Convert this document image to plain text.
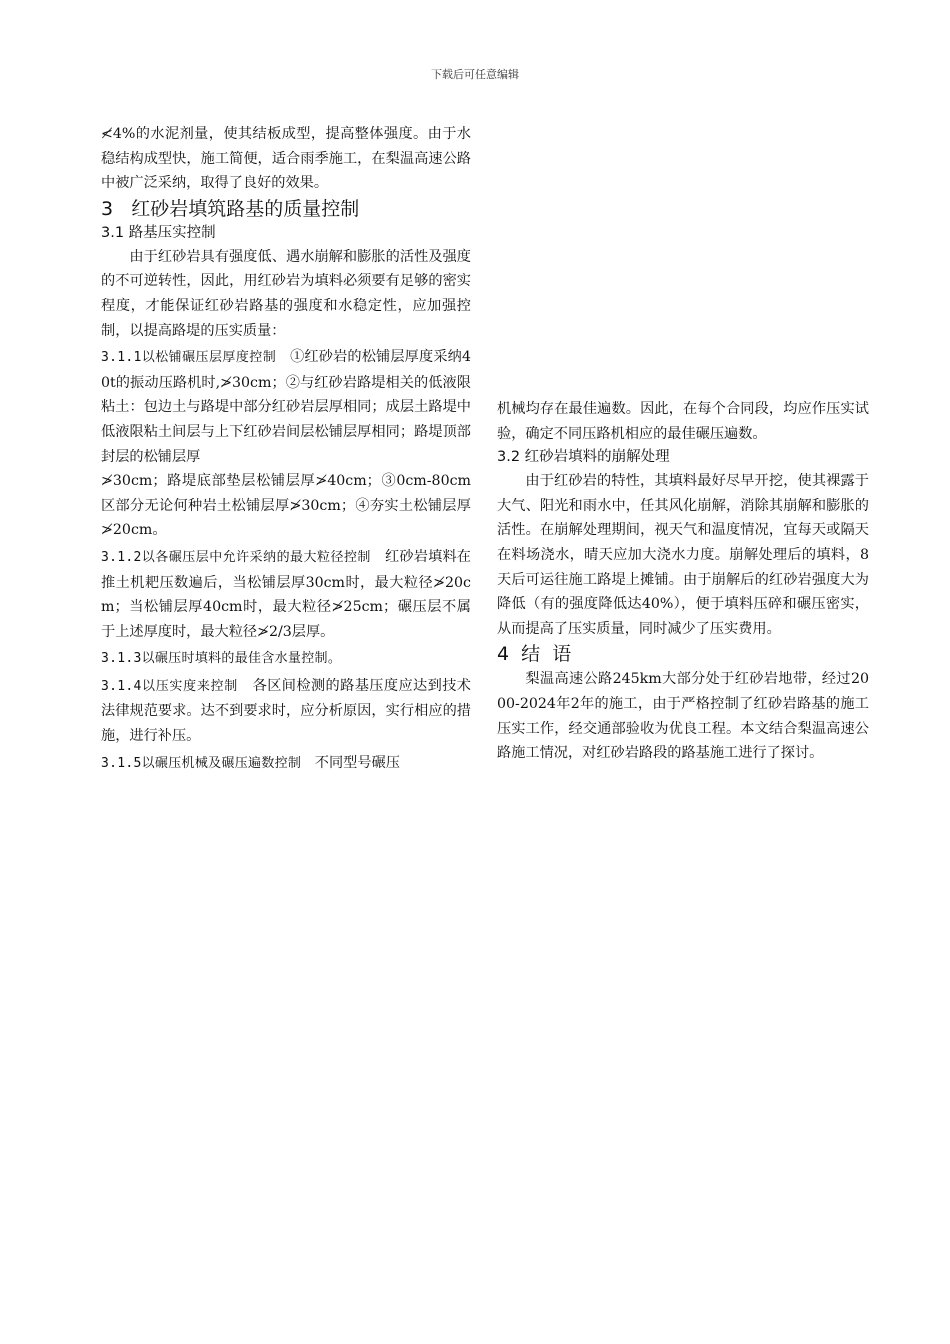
下载后可任意编辑

≮4%的水泥剂量，使其结板成型，提高整体强度。由于水稳结构成型快，施工简便，适合雨季施工，在梨温高速公路中被广泛采纳，取得了良好的效果。

3   红砂岩填筑路基的质量控制
3.1 路基压实控制

由于红砂岩具有强度低、遇水崩解和膨胀的活性及强度的不可逆转性，因此，用红砂岩为填料必须要有足够的密实程度，才能保证红砂岩路基的强度和水稳定性，应加强控制，以提高路堤的压实质量：

3.1.1以松铺碾压层厚度控制 ①红砂岩的松铺层厚度采纳40t的振动压路机时,≯30cm；②与红砂岩路堤相关的低液限粘土：包边土与路堤中部分红砂岩层厚相同；成层土路堤中低液限粘土间层与上下红砂岩间层松铺层厚相同；路堤顶部封层的松铺层厚

≯30cm；路堤底部垫层松铺层厚≯40cm；③0cm-80cm区部分无论何种岩土松铺层厚≯30cm；④夯实土松铺层厚≯20cm。

3.1.2以各碾压层中允许采纳的最大粒径控制 红砂岩填料在推土机耙压数遍后，当松铺层厚30cm时，最大粒径≯20cm；当松铺层厚40cm时，最大粒径≯25cm；碾压层不属于上述厚度时，最大粒径≯2/3层厚。

3.1.3以碾压时填料的最佳含水量控制。

3.1.4以压实度来控制 各区间检测的路基压度应达到技术法律规范要求。达不到要求时，应分析原因，实行相应的措施，进行补压。

3.1.5以碾压机械及碾压遍数控制 不同型号碾压

机械均存在最佳遍数。因此，在每个合同段，均应作压实试验，确定不同压路机相应的最佳碾压遍数。

3.2 红砂岩填料的崩解处理

由于红砂岩的特性，其填料最好尽早开挖，使其裸露于大气、阳光和雨水中，任其风化崩解，消除其崩解和膨胀的活性。在崩解处理期间，视天气和温度情况，宜每天或隔天在料场浇水，晴天应加大浇水力度。崩解处理后的填料，8天后可运往施工路堤上摊铺。由于崩解后的红砂岩强度大为降低（有的强度降低达40%），便于填料压碎和碾压密实，从而提高了压实质量，同时减少了压实费用。

4  结  语

梨温高速公路245km大部分处于红砂岩地带，经过2000-2024年2年的施工，由于严格控制了红砂岩路基的施工压实工作，经交通部验收为优良工程。本文结合梨温高速公路施工情况，对红砂岩路段的路基施工进行了探讨。
